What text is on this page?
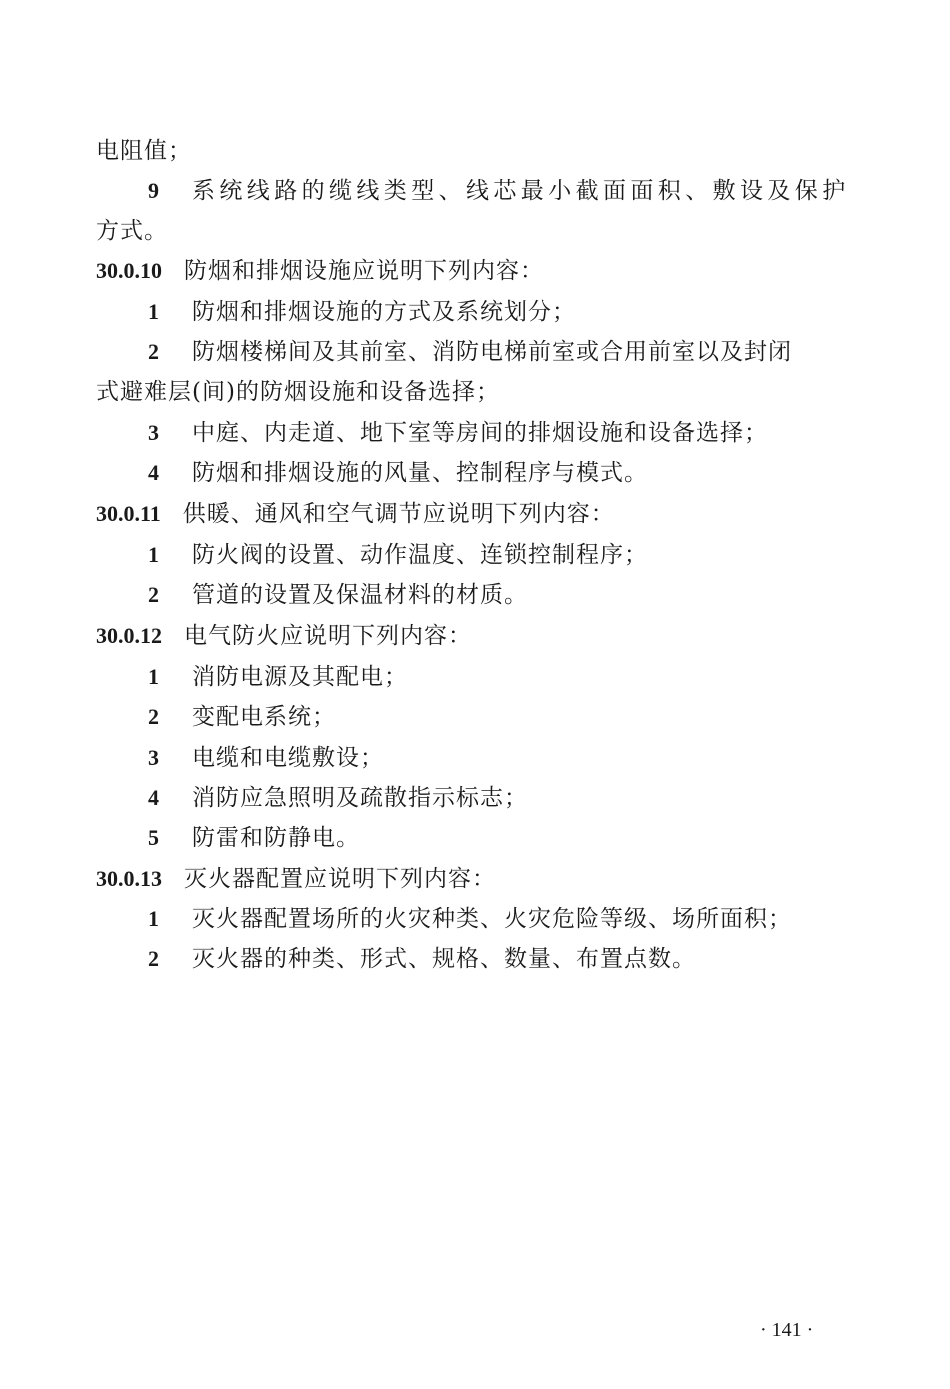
电阻值；
9 系统线路的缆线类型、线芯最小截面面积、敷设及保护
方式。
30.0.10 防烟和排烟设施应说明下列内容：
1 防烟和排烟设施的方式及系统划分；
2 防烟楼梯间及其前室、消防电梯前室或合用前室以及封闭
式避难层(间)的防烟设施和设备选择；
3 中庭、内走道、地下室等房间的排烟设施和设备选择；
4 防烟和排烟设施的风量、控制程序与模式。
30.0.11 供暖、通风和空气调节应说明下列内容：
1 防火阀的设置、动作温度、连锁控制程序；
2 管道的设置及保温材料的材质。
30.0.12 电气防火应说明下列内容：
1 消防电源及其配电；
2 变配电系统；
3 电缆和电缆敷设；
4 消防应急照明及疏散指示标志；
5 防雷和防静电。
30.0.13 灭火器配置应说明下列内容：
1 灭火器配置场所的火灾种类、火灾危险等级、场所面积；
2 灭火器的种类、形式、规格、数量、布置点数。
· 141 ·
